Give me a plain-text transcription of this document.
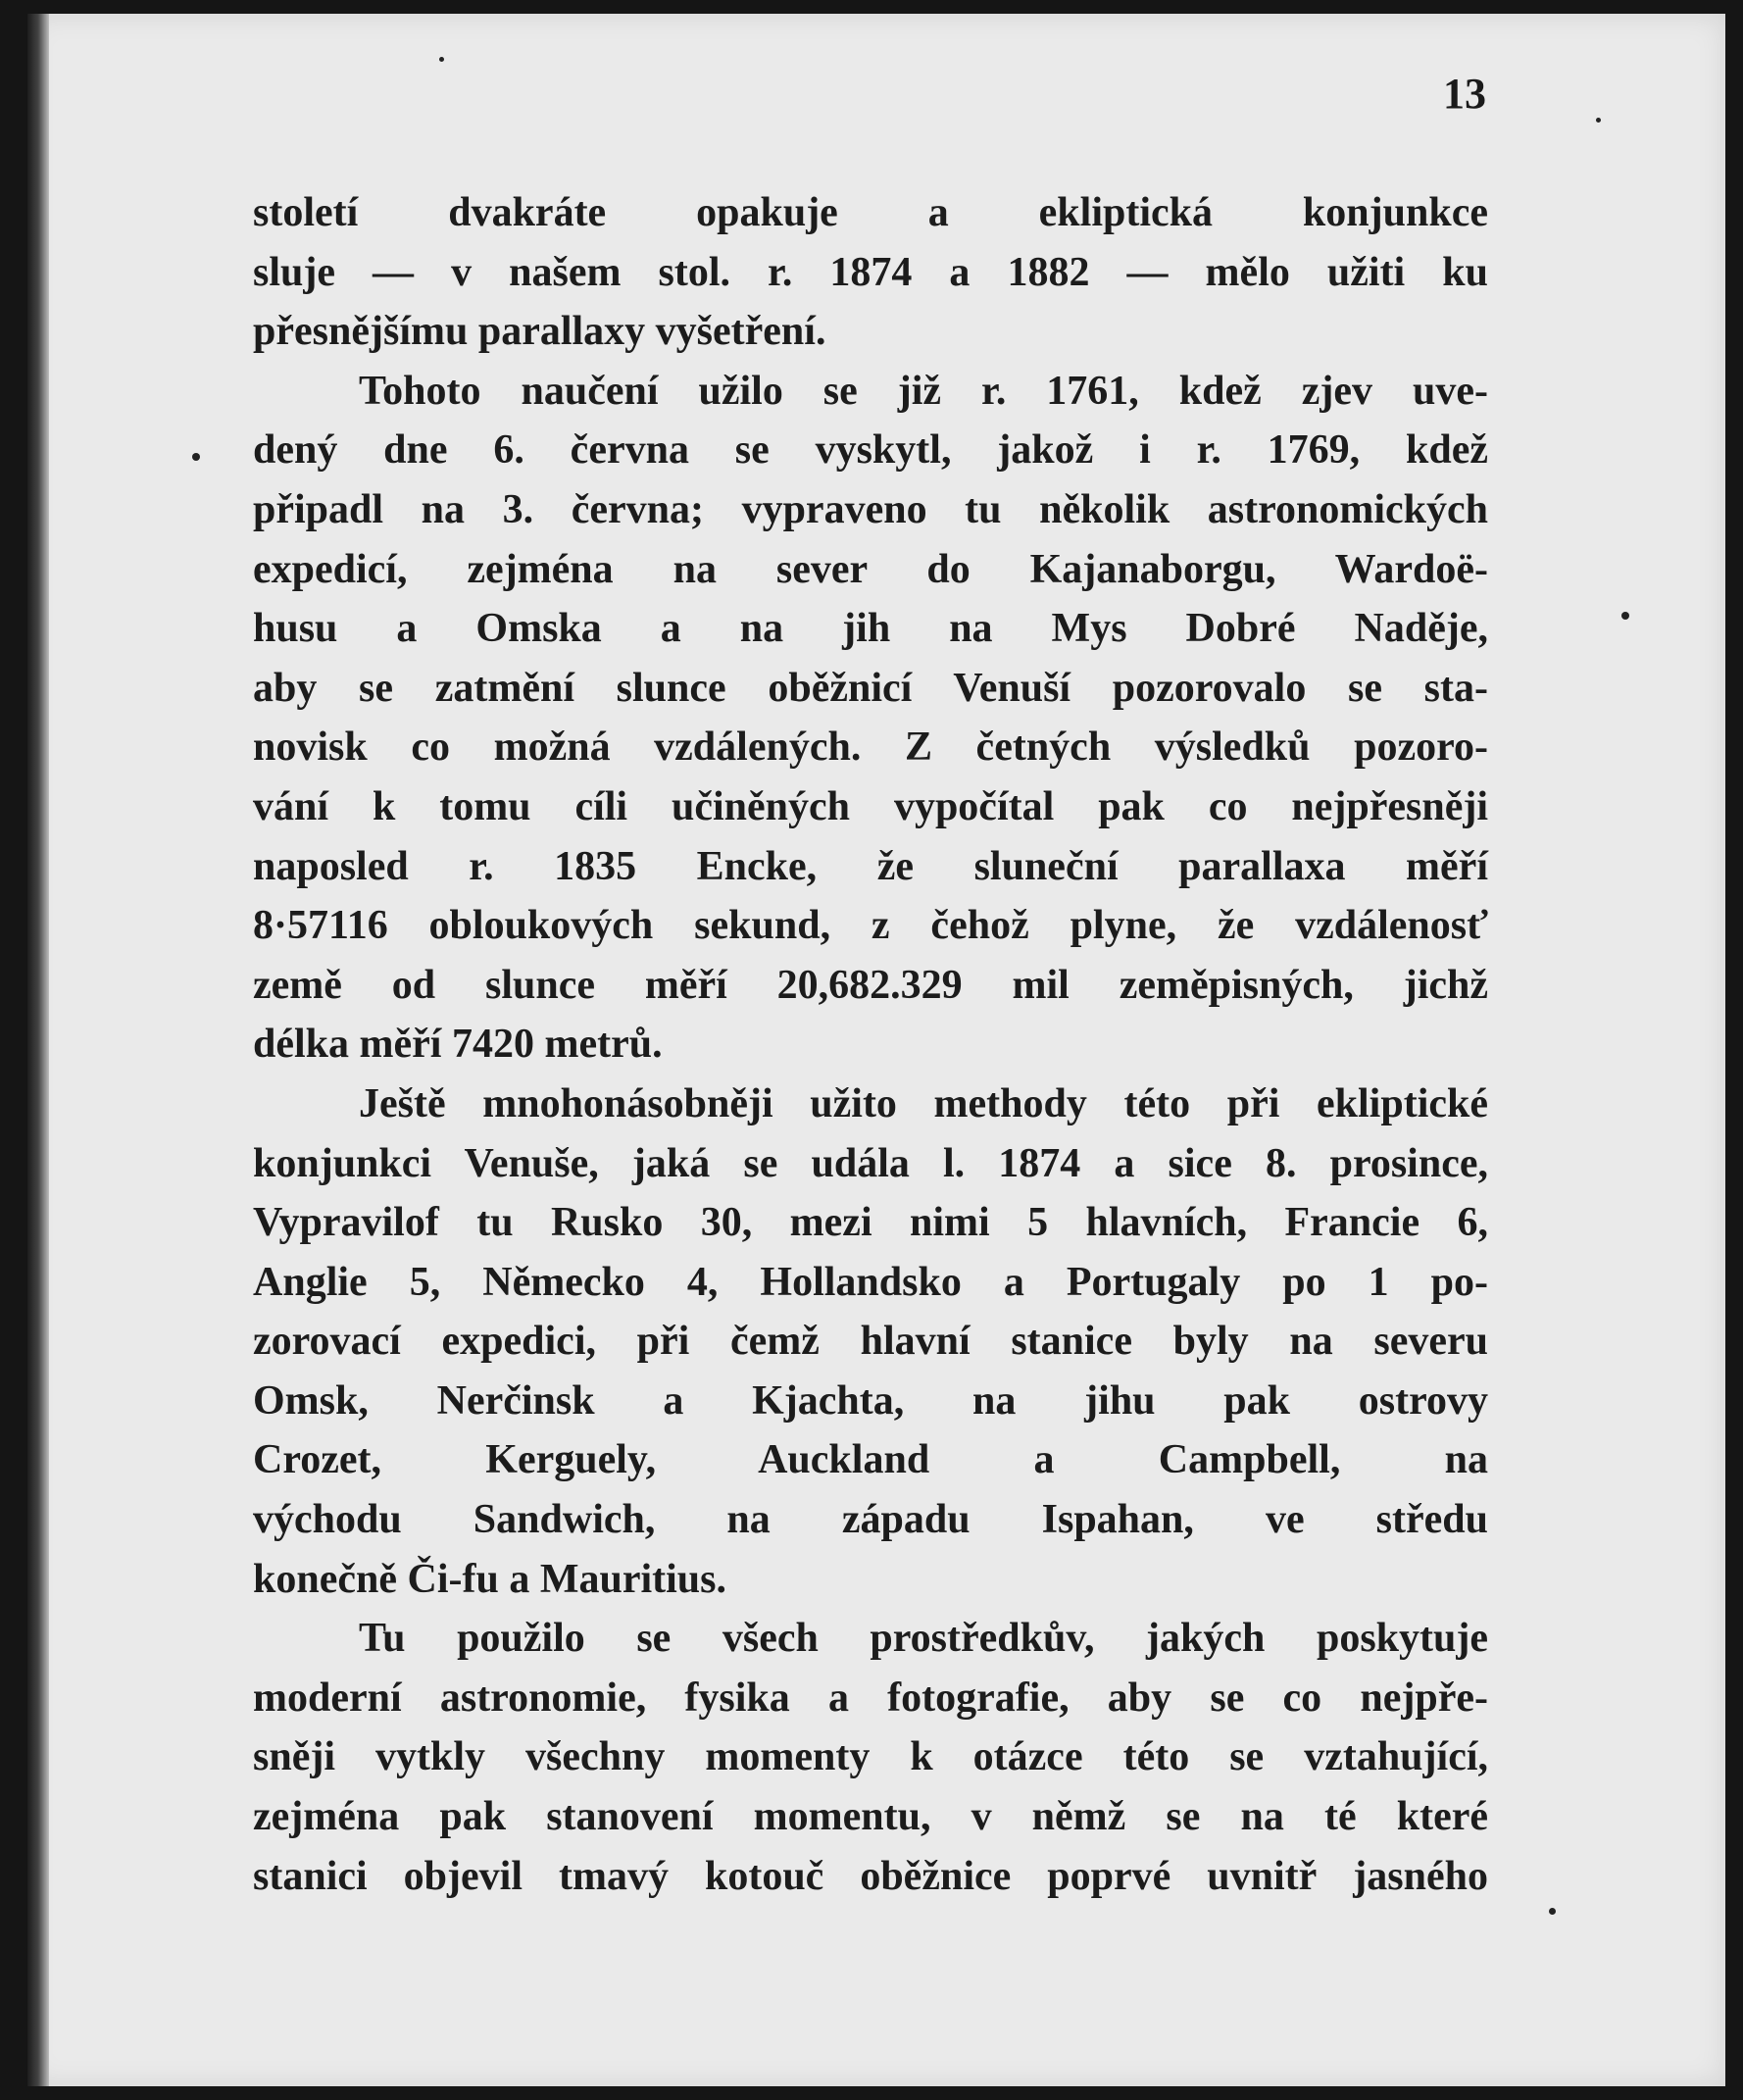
13
století dvakráte opakuje a ekliptická konjunkce
sluje — v našem stol. r. 1874 a 1882 — mělo užiti ku
přesnějšímu parallaxy vyšetření.
Tohoto naučení užilo se již r. 1761, kdež zjev uve-
dený dne 6. června se vyskytl, jakož i r. 1769, kdež
připadl na 3. června; vypraveno tu několik astronomických
expedicí, zejména na sever do Kajanaborgu, Wardoë-
husu a Omska a na jih na Mys Dobré Naděje,
aby se zatmění slunce oběžnicí Venuší pozorovalo se sta-
novisk co možná vzdálených. Z četných výsledků pozoro-
vání k tomu cíli učiněných vypočítal pak co nejpřesněji
naposled r. 1835 Encke, že sluneční parallaxa měří
8·57116 obloukových sekund, z čehož plyne, že vzdálenosť
země od slunce měří 20,682.329 mil zeměpisných, jichž
délka měří 7420 metrů.
Ještě mnohonásobněji užito methody této při ekliptické
konjunkci Venuše, jaká se udála l. 1874 a sice 8. prosince,
Vypravilof tu Rusko 30, mezi nimi 5 hlavních, Francie 6,
Anglie 5, Německo 4, Hollandsko a Portugaly po 1 po-
zorovací expedici, při čemž hlavní stanice byly na severu
Omsk, Nerčinsk a Kjachta, na jihu pak ostrovy
Crozet, Kerguely, Auckland a Campbell, na
východu Sandwich, na západu Ispahan, ve středu
konečně Či-fu a Mauritius.
Tu použilo se všech prostředkův, jakých poskytuje
moderní astronomie, fysika a fotografie, aby se co nejpře-
sněji vytkly všechny momenty k otázce této se vztahující,
zejména pak stanovení momentu, v němž se na té které
stanici objevil tmavý kotouč oběžnice poprvé uvnitř jasného
